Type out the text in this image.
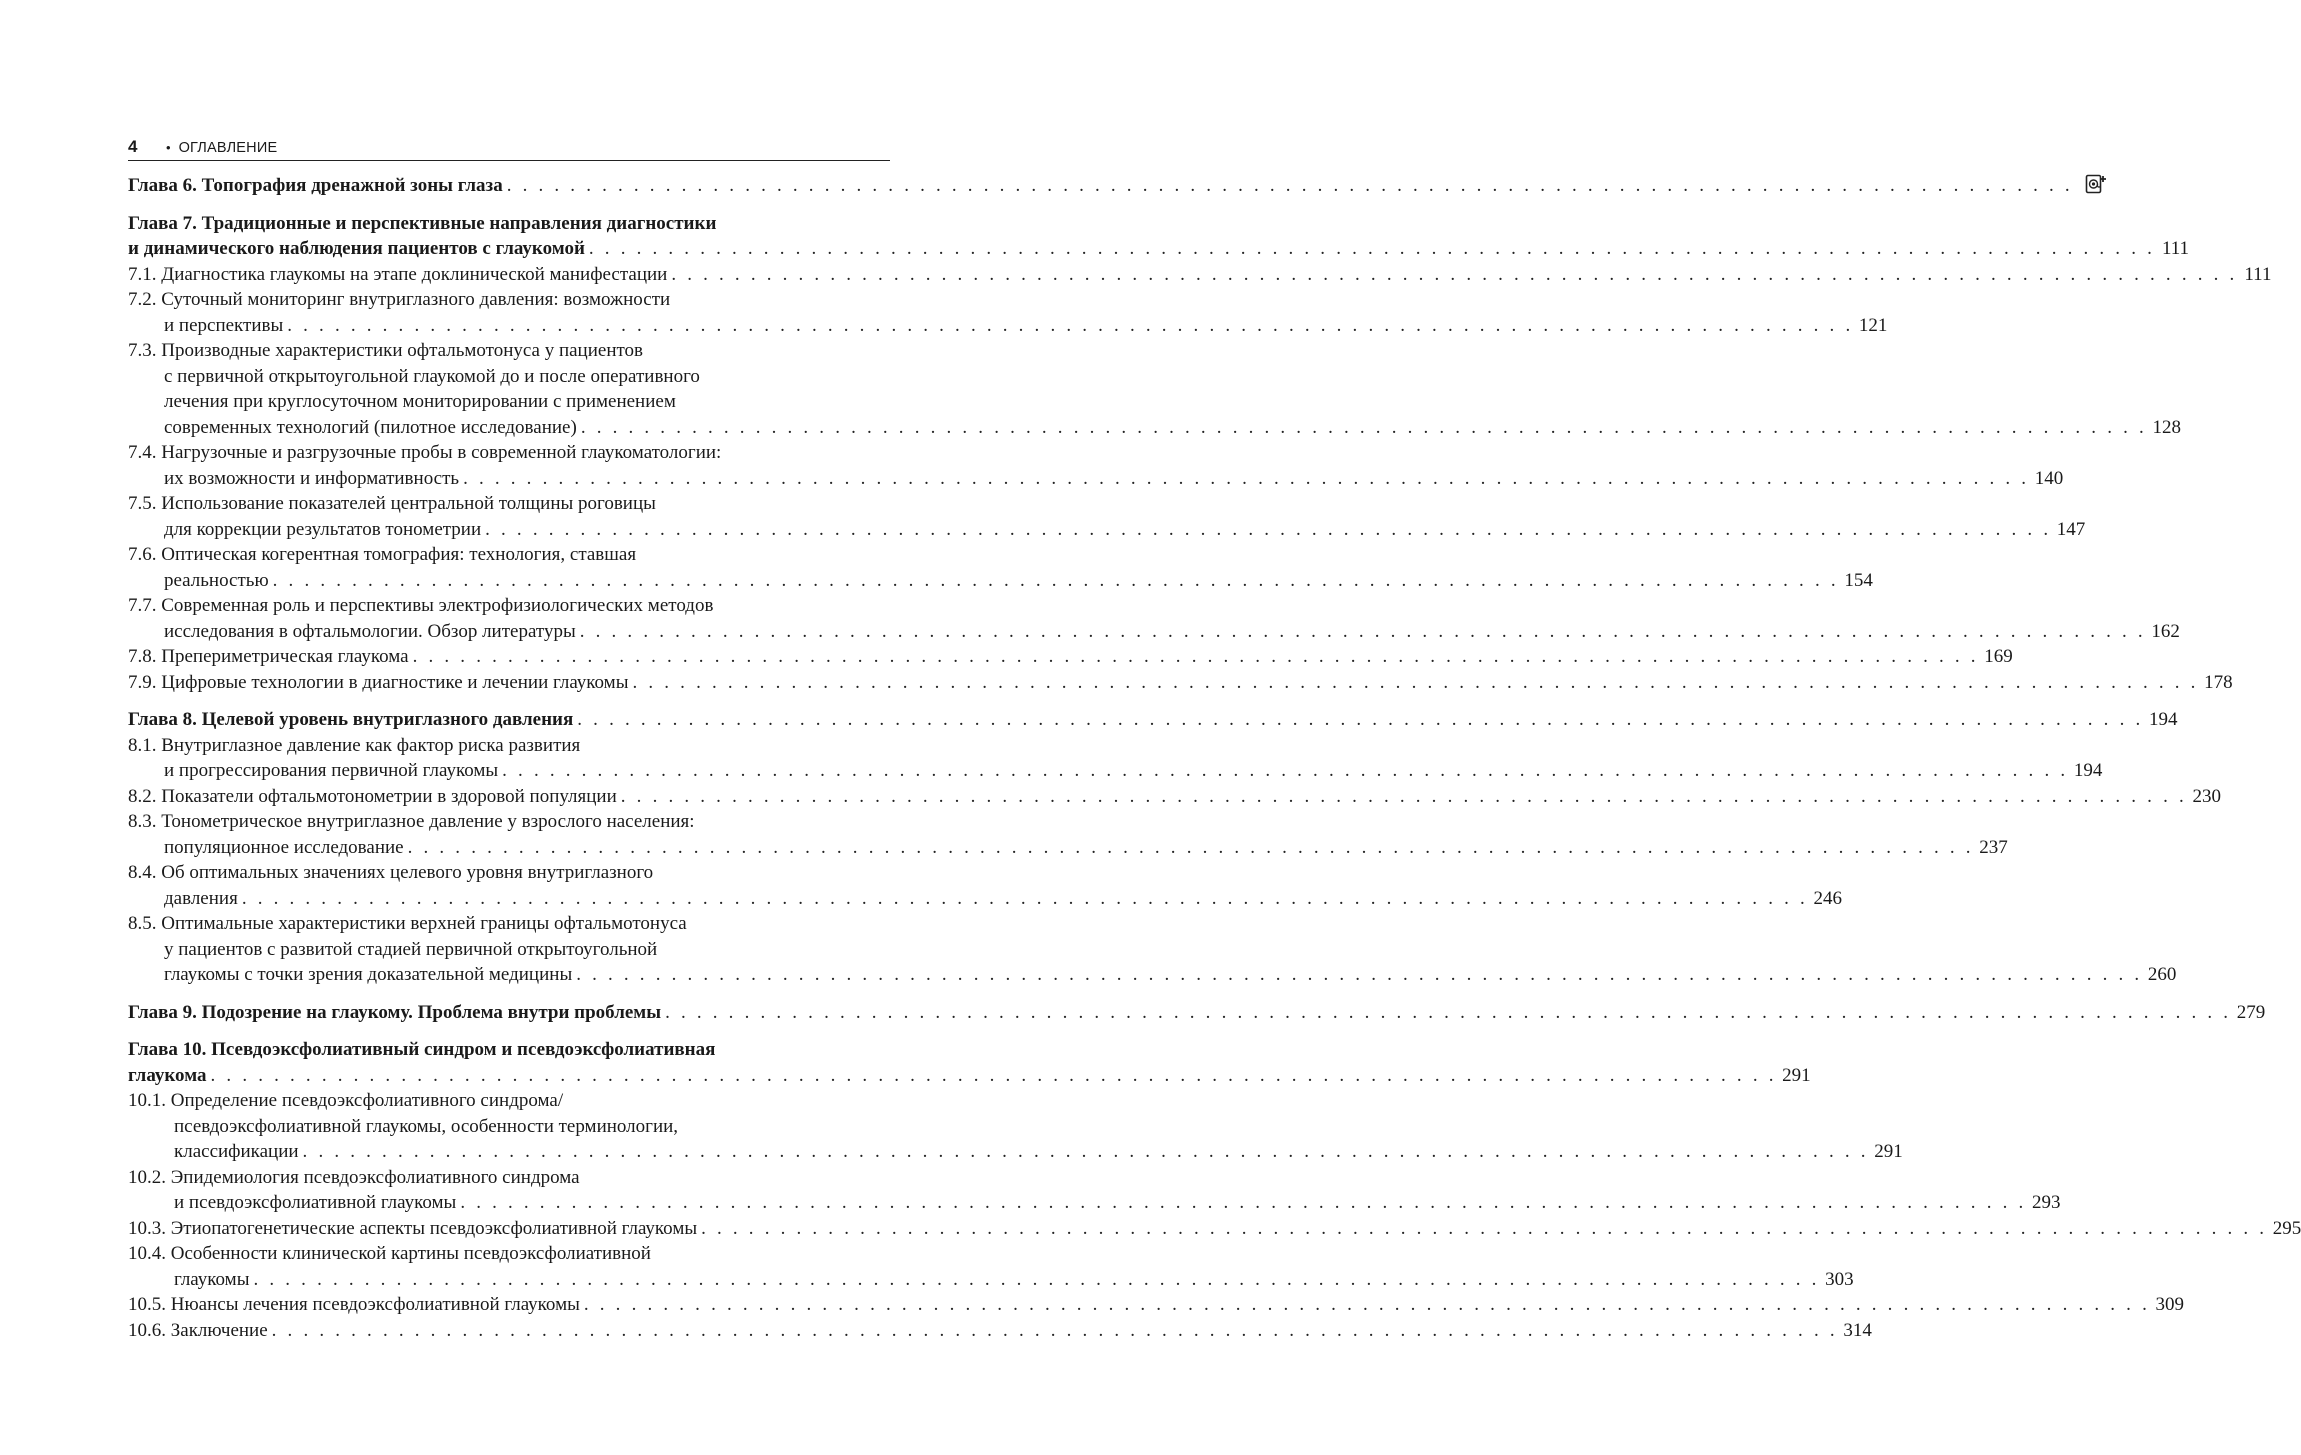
4	• ОГЛАВЛЕНИЕ
Глава 6. Топография дренажной зоны глаза . . . . . . . . . . . . . . . . . . . . . . . . . . . . . . . . . . . . . . . . . . . . . . . . . . . . . . . . . . . . . . . . . . . . . . . . . . . . . . . . . . . . . . . . . . . . . . . . . . .
Глава 7. Традиционные и перспективные направления диагностики
и динамического наблюдения пациентов с глаукомой . . . . . . . . . . . . . . . . . . . . . . . . . . . . . . . . . . . . . . . . . . . . . . . . . . . . . . . . . . . . . . . . . . . . . . . . . . . . . . . . . . . . . . . . . . . . . . . . . . . 111
7.1. Диагностика глаукомы на этапе доклинической манифестации . . . . . . . . . . . . . . . . . . . . . . . . . . . . . . . . . . . . . . . . . . . . . . . . . . . . . . . . . . . . . . . . . . . . . . . . . . . . . . . . . . . . . . . . . . . . . . . . . . . 111
7.2. Суточный мониторинг внутриглазного давления: возможности
и перспективы . . . . . . . . . . . . . . . . . . . . . . . . . . . . . . . . . . . . . . . . . . . . . . . . . . . . . . . . . . . . . . . . . . . . . . . . . . . . . . . . . . . . . . . . . . . . . . . . . . . 121
7.3. Производные характеристики офтальмотонуса у пациентов
с первичной открытоугольной глаукомой до и после оперативного
лечения при круглосуточном мониторировании с применением
современных технологий (пилотное исследование) . . . . . . . . . . . . . . . . . . . . . . . . . . . . . . . . . . . . . . . . . . . . . . . . . . . . . . . . . . . . . . . . . . . . . . . . . . . . . . . . . . . . . . . . . . . . . . . . . . . 128
7.4. Нагрузочные и разгрузочные пробы в современной глаукоматологии:
их возможности и информативность . . . . . . . . . . . . . . . . . . . . . . . . . . . . . . . . . . . . . . . . . . . . . . . . . . . . . . . . . . . . . . . . . . . . . . . . . . . . . . . . . . . . . . . . . . . . . . . . . . . 140
7.5. Использование показателей центральной толщины роговицы
для коррекции результатов тонометрии . . . . . . . . . . . . . . . . . . . . . . . . . . . . . . . . . . . . . . . . . . . . . . . . . . . . . . . . . . . . . . . . . . . . . . . . . . . . . . . . . . . . . . . . . . . . . . . . . . . 147
7.6. Оптическая когерентная томография: технология, ставшая
реальностью . . . . . . . . . . . . . . . . . . . . . . . . . . . . . . . . . . . . . . . . . . . . . . . . . . . . . . . . . . . . . . . . . . . . . . . . . . . . . . . . . . . . . . . . . . . . . . . . . . . 154
7.7. Современная роль и перспективы электрофизиологических методов
исследования в офтальмологии. Обзор литературы . . . . . . . . . . . . . . . . . . . . . . . . . . . . . . . . . . . . . . . . . . . . . . . . . . . . . . . . . . . . . . . . . . . . . . . . . . . . . . . . . . . . . . . . . . . . . . . . . . . 162
7.8. Препериметрическая глаукома . . . . . . . . . . . . . . . . . . . . . . . . . . . . . . . . . . . . . . . . . . . . . . . . . . . . . . . . . . . . . . . . . . . . . . . . . . . . . . . . . . . . . . . . . . . . . . . . . . . 169
7.9. Цифровые технологии в диагностике и лечении глаукомы . . . . . . . . . . . . . . . . . . . . . . . . . . . . . . . . . . . . . . . . . . . . . . . . . . . . . . . . . . . . . . . . . . . . . . . . . . . . . . . . . . . . . . . . . . . . . . . . . . . 178
Глава 8. Целевой уровень внутриглазного давления . . . . . . . . . . . . . . . . . . . . . . . . . . . . . . . . . . . . . . . . . . . . . . . . . . . . . . . . . . . . . . . . . . . . . . . . . . . . . . . . . . . . . . . . . . . . . . . . . . . 194
8.1. Внутриглазное давление как фактор риска развития
и прогрессирования первичной глаукомы . . . . . . . . . . . . . . . . . . . . . . . . . . . . . . . . . . . . . . . . . . . . . . . . . . . . . . . . . . . . . . . . . . . . . . . . . . . . . . . . . . . . . . . . . . . . . . . . . . . 194
8.2. Показатели офтальмотонометрии в здоровой популяции . . . . . . . . . . . . . . . . . . . . . . . . . . . . . . . . . . . . . . . . . . . . . . . . . . . . . . . . . . . . . . . . . . . . . . . . . . . . . . . . . . . . . . . . . . . . . . . . . . . 230
8.3. Тонометрическое внутриглазное давление у взрослого населения:
популяционное исследование . . . . . . . . . . . . . . . . . . . . . . . . . . . . . . . . . . . . . . . . . . . . . . . . . . . . . . . . . . . . . . . . . . . . . . . . . . . . . . . . . . . . . . . . . . . . . . . . . . . 237
8.4. Об оптимальных значениях целевого уровня внутриглазного
давления . . . . . . . . . . . . . . . . . . . . . . . . . . . . . . . . . . . . . . . . . . . . . . . . . . . . . . . . . . . . . . . . . . . . . . . . . . . . . . . . . . . . . . . . . . . . . . . . . . . 246
8.5. Оптимальные характеристики верхней границы офтальмотонуса
у пациентов с развитой стадией первичной открытоугольной
глаукомы с точки зрения доказательной медицины . . . . . . . . . . . . . . . . . . . . . . . . . . . . . . . . . . . . . . . . . . . . . . . . . . . . . . . . . . . . . . . . . . . . . . . . . . . . . . . . . . . . . . . . . . . . . . . . . . . 260
Глава 9. Подозрение на глаукому. Проблема внутри проблемы . . . . . . . . . . . . . . . . . . . . . . . . . . . . . . . . . . . . . . . . . . . . . . . . . . . . . . . . . . . . . . . . . . . . . . . . . . . . . . . . . . . . . . . . . . . . . . . . . . . 279
Глава 10. Псевдоэксфолиативный синдром и псевдоэксфолиативная
глаукома . . . . . . . . . . . . . . . . . . . . . . . . . . . . . . . . . . . . . . . . . . . . . . . . . . . . . . . . . . . . . . . . . . . . . . . . . . . . . . . . . . . . . . . . . . . . . . . . . . . 291
10.1. Определение псевдоэксфолиативного синдрома/
псевдоэксфолиативной глаукомы, особенности терминологии,
классификации . . . . . . . . . . . . . . . . . . . . . . . . . . . . . . . . . . . . . . . . . . . . . . . . . . . . . . . . . . . . . . . . . . . . . . . . . . . . . . . . . . . . . . . . . . . . . . . . . . . 291
10.2. Эпидемиология псевдоэксфолиативного синдрома
и псевдоэксфолиативной глаукомы . . . . . . . . . . . . . . . . . . . . . . . . . . . . . . . . . . . . . . . . . . . . . . . . . . . . . . . . . . . . . . . . . . . . . . . . . . . . . . . . . . . . . . . . . . . . . . . . . . . 293
10.3. Этиопатогенетические аспекты псевдоэксфолиативной глаукомы . . . . . . . . . . . . . . . . . . . . . . . . . . . . . . . . . . . . . . . . . . . . . . . . . . . . . . . . . . . . . . . . . . . . . . . . . . . . . . . . . . . . . . . . . . . . . . . . . . . 295
10.4. Особенности клинической картины псевдоэксфолиативной
глаукомы . . . . . . . . . . . . . . . . . . . . . . . . . . . . . . . . . . . . . . . . . . . . . . . . . . . . . . . . . . . . . . . . . . . . . . . . . . . . . . . . . . . . . . . . . . . . . . . . . . . 303
10.5. Нюансы лечения псевдоэксфолиативной глаукомы . . . . . . . . . . . . . . . . . . . . . . . . . . . . . . . . . . . . . . . . . . . . . . . . . . . . . . . . . . . . . . . . . . . . . . . . . . . . . . . . . . . . . . . . . . . . . . . . . . . 309
10.6. Заключение . . . . . . . . . . . . . . . . . . . . . . . . . . . . . . . . . . . . . . . . . . . . . . . . . . . . . . . . . . . . . . . . . . . . . . . . . . . . . . . . . . . . . . . . . . . . . . . . . . . 314
